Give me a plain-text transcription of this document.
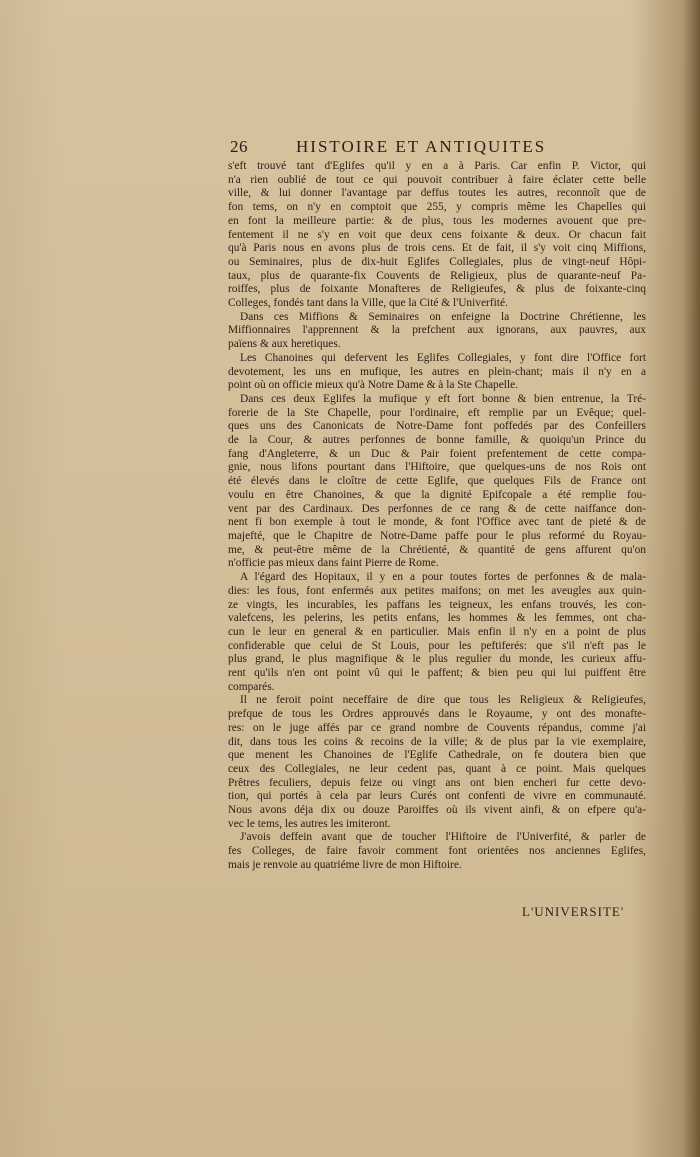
26	HISTOIRE ET ANTIQUITES
s'eft trouvé tant d'Eglifes qu'il y en a à Paris. Car enfin P. Victor, qui
n'a rien oublié de tout ce qui pouvoit contribuer à faire éclater cette belle
ville, & lui donner l'avantage par deffus toutes les autres, reconnoît que de
fon tems, on n'y en comptoit que 255, y compris même les Chapelles qui
en font la meilleure partie: & de plus, tous les modernes avouent que pre-
fentement il ne s'y en voit que deux cens foixante & deux. Or chacun fait
qu'à Paris nous en avons plus de trois cens. Et de fait, il s'y voit cinq Miffions,
ou Seminaires, plus de dix-huit Eglifes Collegiales, plus de vingt-neuf Hôpi-
taux, plus de quarante-fix Couvents de Religieux, plus de quarante-neuf Pa-
roiffes, plus de foixante Monafteres de Religieufes, & plus de foixante-cinq
Colleges, fondés tant dans la Ville, que la Cité & l'Univerfité.
Dans ces Miffions & Seminaires on enfeigne la Doctrine Chrétienne, les
Miffionnaires l'apprennent & la prefchent aux ignorans, aux pauvres, aux
païens & aux heretiques.
Les Chanoines qui defervent les Eglifes Collegiales, y font dire l'Office fort
devotement, les uns en mufique, les autres en plein-chant; mais il n'y en a
point où on officie mieux qu'à Notre Dame & à la Ste Chapelle.
Dans ces deux Eglifes la mufique y eft fort bonne & bien entrenue, la Tré-
forerie de la Ste Chapelle, pour l'ordinaire, eft remplie par un Evêque; quel-
ques uns des Canonicats de Notre-Dame font poffedés par des Confeillers
de la Cour, & autres perfonnes de bonne famille, & quoiqu'un Prince du
fang d'Angleterre, & un Duc & Pair foient prefentement de cette compa-
gnie, nous lifons pourtant dans l'Hiftoire, que quelques-uns de nos Rois ont
été élevés dans le cloître de cette Eglife, que quelques Fils de France ont
voulu en être Chanoines, & que la dignité Epifcopale a été remplie fou-
vent par des Cardinaux. Des perfonnes de ce rang & de cette naiffance don-
nent fi bon exemple à tout le monde, & font l'Office avec tant de pieté & de
majefté, que le Chapitre de Notre-Dame paffe pour le plus reformé du Royau-
me, & peut-être même de la Chrétienté, & quantité de gens affurent qu'on
n'officie pas mieux dans faint Pierre de Rome.
A l'égard des Hopitaux, il y en a pour toutes fortes de perfonnes & de mala-
dies: les fous, font enfermés aux petites maifons; on met les aveugles aux quin-
ze vingts, les incurables, les paffans les teigneux, les enfans trouvés, les con-
valefcens, les pelerins, les petits enfans, les hommes & les femmes, ont cha-
cun le leur en general & en particulier. Mais enfin il n'y en a point de plus
confiderable que celui de St Louis, pour les peftiferés: que s'il n'eft pas le
plus grand, le plus magnifique & le plus regulier du monde, les curieux affu-
rent qu'ils n'en ont point vû qui le paffent; & bien peu qui lui puiffent être
comparés.
Il ne feroit point neceffaire de dire que tous les Religieux & Religieufes,
prefque de tous les Ordres approuvés dans le Royaume, y ont des monafte-
res: on le juge affés par ce grand nombre de Couvents répandus, comme j'ai
dit, dans tous les coins & recoins de la ville; & de plus par la vie exemplaire,
que menent les Chanoines de l'Eglife Cathedrale, on fe doutera bien que
ceux des Collegiales, ne leur cedent pas, quant à ce point. Mais quelques
Prêtres feculiers, depuis feize ou vingt ans ont bien encheri fur cette devo-
tion, qui portés à cela par leurs Curés ont confenti de vivre en communauté.
Nous avons déja dix ou douze Paroiffes où ils vivent ainfi, & on efpere qu'a-
vec le tems, les autres les imiteront.
J'avois deffein avant que de toucher l'Hiftoire de l'Univerfité, & parler de
fes Colleges, de faire favoir comment font orientées nos anciennes Eglifes,
mais je renvoie au quatriéme livre de mon Hiftoire.
L'UNIVERSITE'
